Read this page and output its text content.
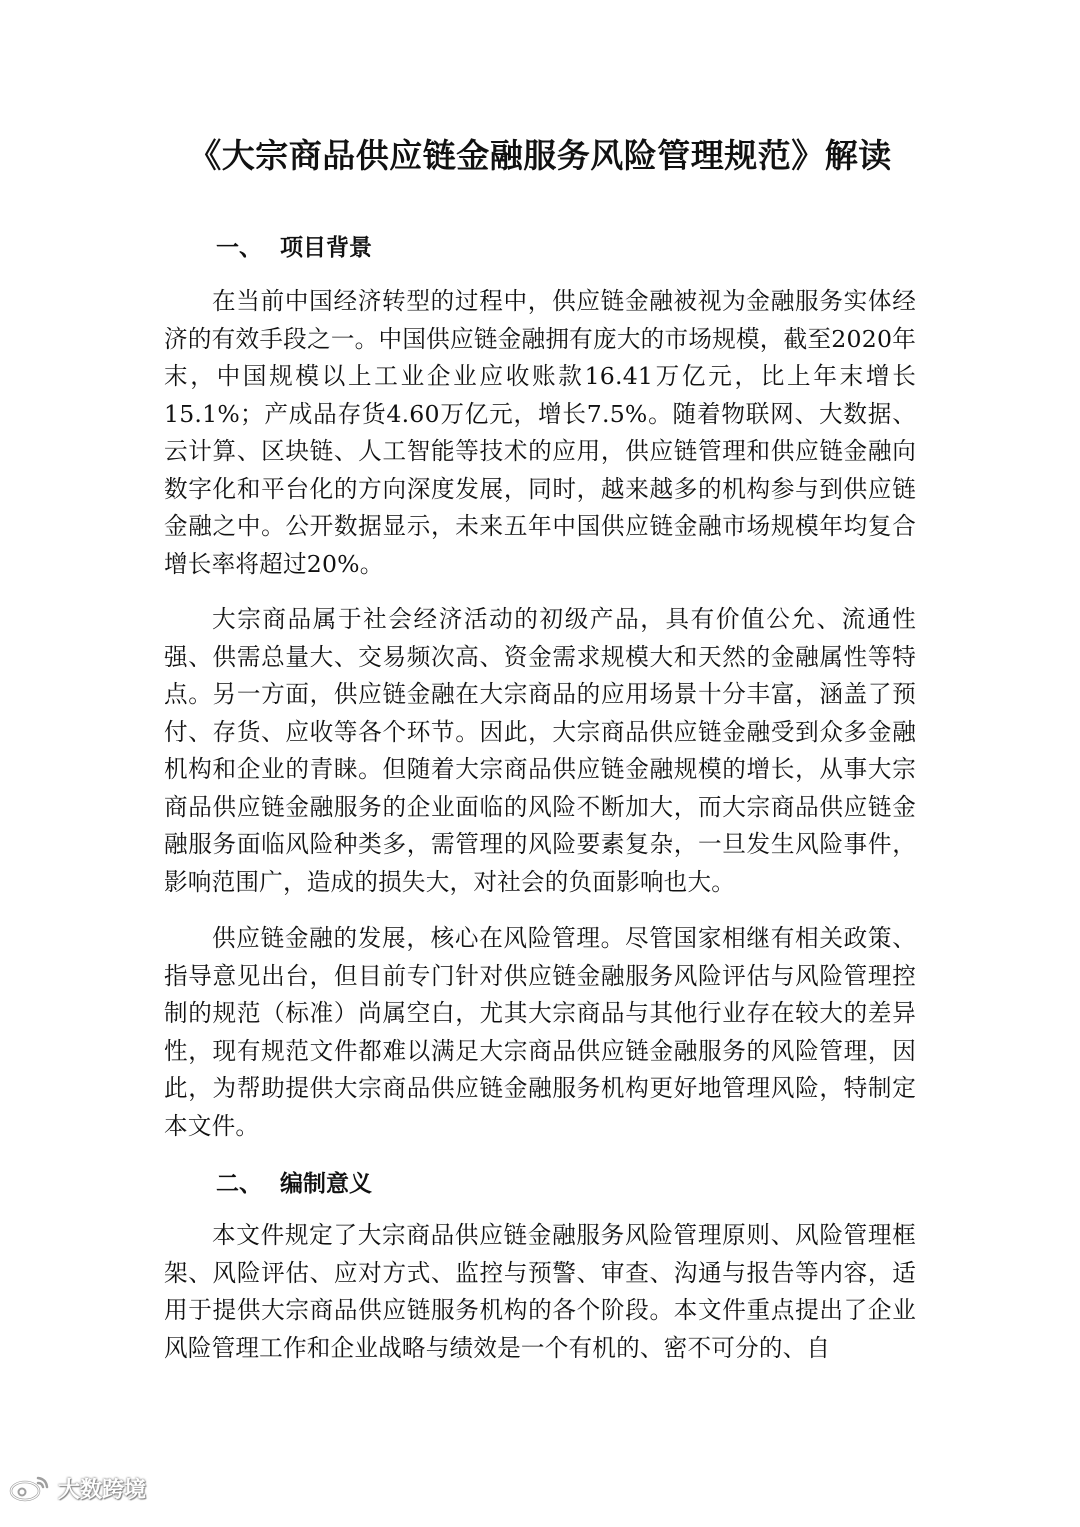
《大宗商品供应链金融服务风险管理规范》解读
一、 项目背景

在当前中国经济转型的过程中，供应链金融被视为金融服务实体经济的有效手段之一。中国供应链金融拥有庞大的市场规模，截至2020年末，中国规模以上工业企业应收账款16.41万亿元，比上年末增长15.1%；产成品存货4.60万亿元，增长7.5%。随着物联网、大数据、云计算、区块链、人工智能等技术的应用，供应链管理和供应链金融向数字化和平台化的方向深度发展，同时，越来越多的机构参与到供应链金融之中。公开数据显示，未来五年中国供应链金融市场规模年均复合增长率将超过20%。

大宗商品属于社会经济活动的初级产品，具有价值公允、流通性强、供需总量大、交易频次高、资金需求规模大和天然的金融属性等特点。另一方面，供应链金融在大宗商品的应用场景十分丰富，涵盖了预付、存货、应收等各个环节。因此，大宗商品供应链金融受到众多金融机构和企业的青睐。但随着大宗商品供应链金融规模的增长，从事大宗商品供应链金融服务的企业面临的风险不断加大，而大宗商品供应链金融服务面临风险种类多，需管理的风险要素复杂，一旦发生风险事件，影响范围广，造成的损失大，对社会的负面影响也大。

供应链金融的发展，核心在风险管理。尽管国家相继有相关政策、指导意见出台，但目前专门针对供应链金融服务风险评估与风险管理控制的规范（标准）尚属空白，尤其大宗商品与其他行业存在较大的差异性，现有规范文件都难以满足大宗商品供应链金融服务的风险管理，因此，为帮助提供大宗商品供应链金融服务机构更好地管理风险，特制定本文件。

二、 编制意义

本文件规定了大宗商品供应链金融服务风险管理原则、风险管理框架、风险评估、应对方式、监控与预警、审查、沟通与报告等内容，适用于提供大宗商品供应链服务机构的各个阶段。本文件重点提出了企业风险管理工作和企业战略与绩效是一个有机的、密不可分的、自

大数跨境
